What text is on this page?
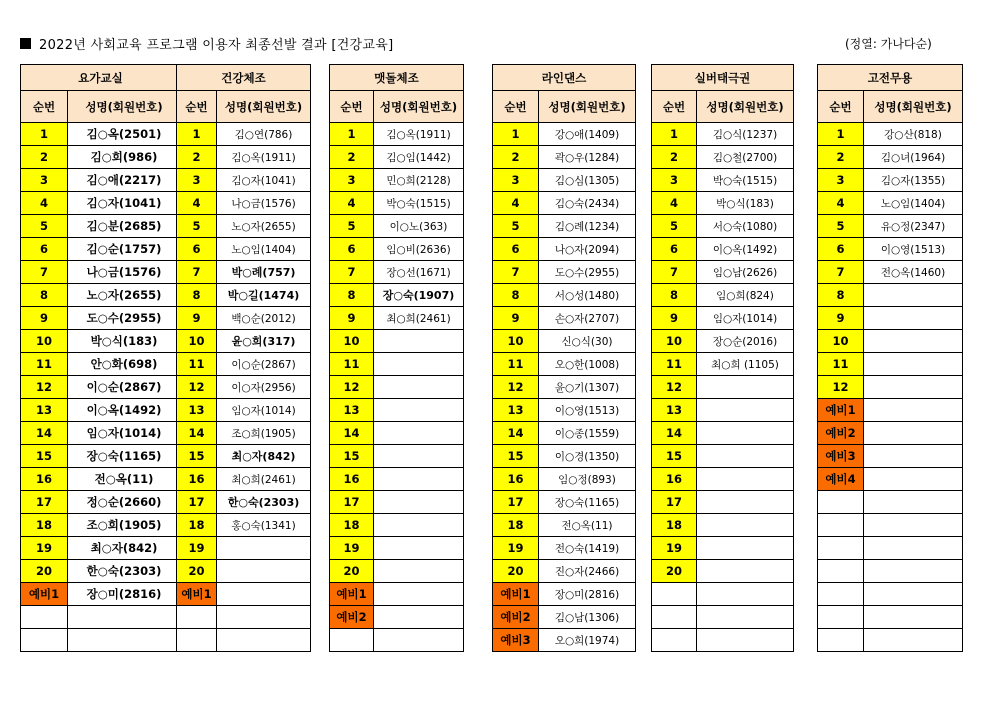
2022년 사회교육 프로그램 이용자 최종선발 결과 [건강교육]	(정열: 가나다순)
요가교실	
순번	성명(회원번호)
1	김○옥(2501)
2	김○희(986)
3	김○애(2217)
4	김○자(1041)
5	김○분(2685)
6	김○순(1757)
7	나○금(1576)
8	노○자(2655)
9	도○수(2955)
10	박○식(183)
11	안○화(698)
12	이○순(2867)
13	이○옥(1492)
14	임○자(1014)
15	장○숙(1165)
16	전○옥(11)
17	정○순(2660)
18	조○희(1905)
19	최○자(842)
20	한○숙(2303)
예비1	장○미(2816)

건강체조	
순번	성명(회원번호)
1	김○연(786)
2	김○옥(1911)
3	김○자(1041)
4	나○금(1576)
5	노○자(2655)
6	노○임(1404)
7	박○례(757)
8	박○길(1474)
9	백○순(2012)
10	윤○희(317)
11	이○순(2867)
12	이○자(2956)
13	임○자(1014)
14	조○희(1905)
15	최○자(842)
16	최○희(2461)
17	한○숙(2303)
18	홍○숙(1341)
19	
20	
예비1	

맷돌체조	
순번	성명(회원번호)
1	김○옥(1911)
2	김○임(1442)
3	민○희(2128)
4	박○숙(1515)
5	이○노(363)
6	임○비(2636)
7	장○선(1671)
8	장○숙(1907)
9	최○희(2461)
10	
11	
12	
13	
14	
15	
16	
17	
18	
19	
20	
예비1	
예비2	

라인댄스	
순번	성명(회원번호)
1	강○애(1409)
2	곽○우(1284)
3	김○심(1305)
4	김○숙(2434)
5	김○례(1234)
6	나○자(2094)
7	도○수(2955)
8	서○성(1480)
9	손○자(2707)
10	신○식(30)
11	오○한(1008)
12	윤○기(1307)
13	이○영(1513)
14	이○종(1559)
15	이○경(1350)
16	임○정(893)
17	장○숙(1165)
18	전○옥(11)
19	전○숙(1419)
20	진○자(2466)
예비1	장○미(2816)
예비2	김○남(1306)
예비3	오○희(1974)
실버태극권	
순번	성명(회원번호)
1	김○식(1237)
2	김○철(2700)
3	박○숙(1515)
4	박○식(183)
5	서○숙(1080)
6	이○옥(1492)
7	임○남(2626)
8	임○희(824)
9	임○자(1014)
10	장○순(2016)
11	최○희 (1105)
12	
13	
14	
15	
16	
17	
18	
19	
20	

고전무용	
순번	성명(회원번호)
1	강○산(818)
2	김○녀(1964)
3	김○자(1355)
4	노○임(1404)
5	유○정(2347)
6	이○영(1513)
7	전○옥(1460)
8	
9	
10	
11	
12	
예비1	
예비2	
예비3	
예비4	
